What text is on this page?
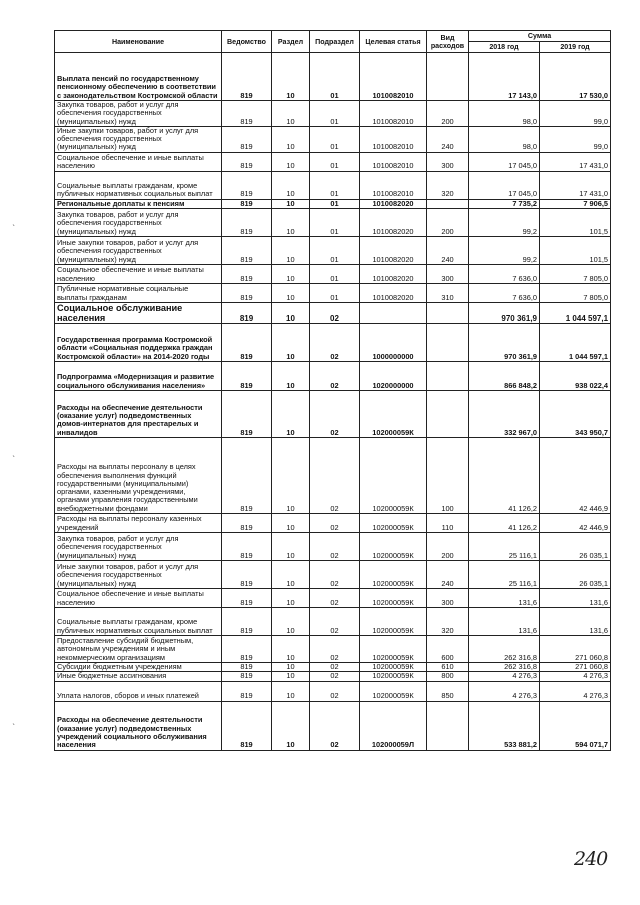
Наименование	Ведомство	Раздел	Подраздел	Целевая статья	Вид расходов	Сумма	
						2018 год	2019 год
Выплата пенсий по государственному пенсионному обеспечению в соответствии с законодательством Костромской области	819	10	01	1010082010		17 143,0	17 530,0
Закупка товаров, работ и услуг для обеспечения государственных (муниципальных) нужд	819	10	01	1010082010	200	98,0	99,0
Иные закупки товаров, работ и услуг для обеспечения государственных (муниципальных) нужд	819	10	01	1010082010	240	98,0	99,0
Социальное обеспечение и иные выплаты населению	819	10	01	1010082010	300	17 045,0	17 431,0
Социальные выплаты гражданам, кроме публичных нормативных социальных выплат	819	10	01	1010082010	320	17 045,0	17 431,0
Региональные доплаты к пенсиям	819	10	01	1010082020		7 735,2	7 906,5
Закупка товаров, работ и услуг для обеспечения государственных (муниципальных) нужд	819	10	01	1010082020	200	99,2	101,5
Иные закупки товаров, работ и услуг для обеспечения государственных (муниципальных) нужд	819	10	01	1010082020	240	99,2	101,5
Социальное обеспечение и иные выплаты населению	819	10	01	1010082020	300	7 636,0	7 805,0
Публичные нормативные социальные выплаты гражданам	819	10	01	1010082020	310	7 636,0	7 805,0
Социальное обслуживание населения	819	10	02			970 361,9	1 044 597,1
Государственная программа Костромской области «Социальная поддержка граждан Костромской области» на 2014-2020 годы	819	10	02	1000000000		970 361,9	1 044 597,1
Подпрограмма «Модернизация и развитие социального обслуживания населения»	819	10	02	1020000000		866 848,2	938 022,4
Расходы на обеспечение деятельности (оказание услуг) подведомственных домов-интернатов для престарелых и инвалидов	819	10	02	102000059К		332 967,0	343 950,7
Расходы на выплаты персоналу в целях обеспечения выполнения функций государственными (муниципальными) органами, казенными учреждениями, органами управления государственными внебюджетными фондами	819	10	02	102000059К	100	41 126,2	42 446,9
Расходы на выплаты персоналу казенных учреждений	819	10	02	102000059К	110	41 126,2	42 446,9
Закупка товаров, работ и услуг для обеспечения государственных (муниципальных) нужд	819	10	02	102000059К	200	25 116,1	26 035,1
Иные закупки товаров, работ и услуг для обеспечения государственных (муниципальных) нужд	819	10	02	102000059К	240	25 116,1	26 035,1
Социальное обеспечение и иные выплаты населению	819	10	02	102000059К	300	131,6	131,6
Социальные выплаты гражданам, кроме публичных нормативных социальных выплат	819	10	02	102000059К	320	131,6	131,6
Предоставление субсидий бюджетным, автономным учреждениям и иным некоммерческим организациям	819	10	02	102000059К	600	262 316,8	271 060,8
Субсидии бюджетным учреждениям	819	10	02	102000059К	610	262 316,8	271 060,8
Иные бюджетные ассигнования	819	10	02	102000059К	800	4 276,3	4 276,3
Уплата налогов, сборов и иных платежей	819	10	02	102000059К	850	4 276,3	4 276,3
Расходы на обеспечение деятельности (оказание услуг) подведомственных учреждений социального обслуживания населения	819	10	02	102000059Л		533 881,2	594 071,7
`
`
`
240
